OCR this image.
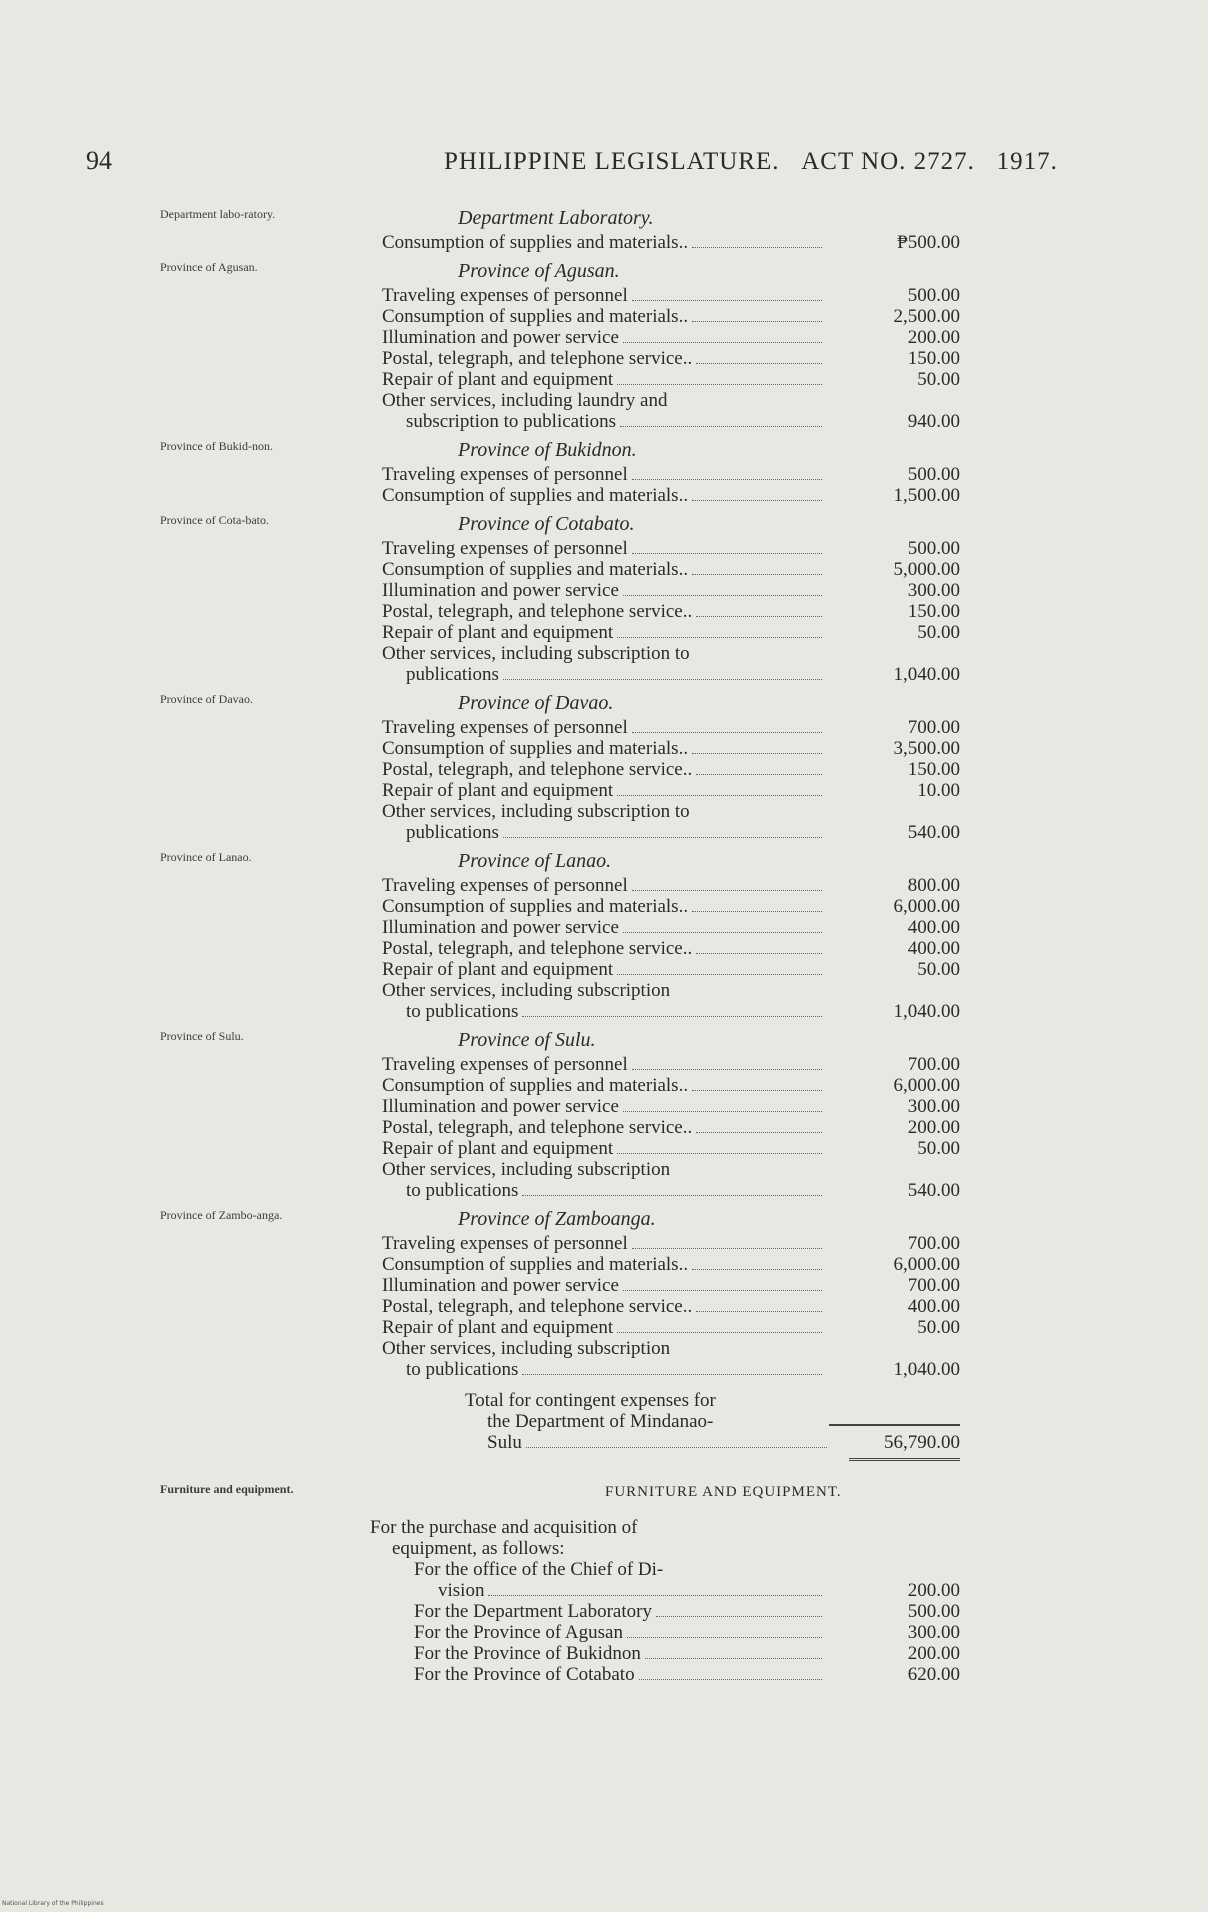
94	PHILIPPINE LEGISLATURE. ACT NO. 2727. 1917.
Department labo-ratory.	Department Laboratory.
Consumption of supplies and materials..	₱500.00
Province of Agusan.	Province of Agusan.
Traveling expenses of personnel	500.00
Consumption of supplies and materials..	2,500.00
Illumination and power service	200.00
Postal, telegraph, and telephone service..	150.00
Repair of plant and equipment	50.00
Other services, including laundry and
subscription to publications	940.00
Province of Bukid-non.	Province of Bukidnon.
Traveling expenses of personnel	500.00
Consumption of supplies and materials..	1,500.00
Province of Cota-bato.	Province of Cotabato.
Traveling expenses of personnel	500.00
Consumption of supplies and materials..	5,000.00
Illumination and power service	300.00
Postal, telegraph, and telephone service..	150.00
Repair of plant and equipment	50.00
Other services, including subscription to
publications	1,040.00
Province of Davao.	Province of Davao.
Traveling expenses of personnel	700.00
Consumption of supplies and materials..	3,500.00
Postal, telegraph, and telephone service..	150.00
Repair of plant and equipment	10.00
Other services, including subscription to
publications	540.00
Province of Lanao.	Province of Lanao.
Traveling expenses of personnel	800.00
Consumption of supplies and materials..	6,000.00
Illumination and power service	400.00
Postal, telegraph, and telephone service..	400.00
Repair of plant and equipment	50.00
Other services, including subscription
to publications	1,040.00
Province of Sulu.	Province of Sulu.
Traveling expenses of personnel	700.00
Consumption of supplies and materials..	6,000.00
Illumination and power service	300.00
Postal, telegraph, and telephone service..	200.00
Repair of plant and equipment	50.00
Other services, including subscription
to publications	540.00
Province of Zambo-anga.	Province of Zamboanga.
Traveling expenses of personnel	700.00
Consumption of supplies and materials..	6,000.00
Illumination and power service	700.00
Postal, telegraph, and telephone service..	400.00
Repair of plant and equipment	50.00
Other services, including subscription
to publications	1,040.00
Total for contingent expenses for
the Department of Mindanao-
Sulu	56,790.00
Furniture and equipment.	FURNITURE AND EQUIPMENT.
For the purchase and acquisition of
equipment, as follows:
For the office of the Chief of Di-
vision	200.00
For the Department Laboratory	500.00
For the Province of Agusan	300.00
For the Province of Bukidnon	200.00
For the Province of Cotabato	620.00
National Library of the Philippines
